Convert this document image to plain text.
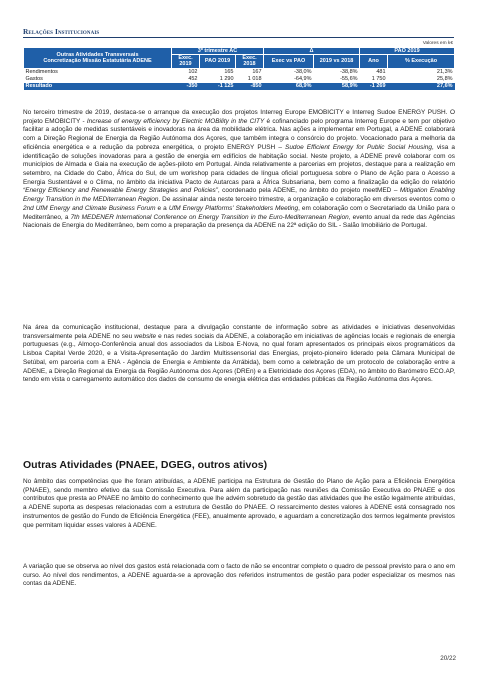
Relações Institucionais
Valores em k€
Outras Atividades Transversais
Concretização Missão Estatutária ADENE	3º trimestre AC			Δ		PAO 2019	
	Exec. 2019	PAO 2019	Exec. 2018	Exec vs PAO	2019 vs 2018	Ano	% Execução
Rendimentos	102	165	167	-38,0%	-38,8%	481	21,3%
Gastos	452	1 290	1 018	-64,9%	-55,6%	1 750	25,8%
Resultado	-350	-1 125	-850	68,9%	58,9%	-1 269	27,6%
No terceiro trimestre de 2019, destaca-se o arranque da execução dos projetos Interreg Europe EMOBICITY e Interreg Sudoe ENERGY PUSH. O projeto EMOBICITY - Increase of energy efficiency by Electric MOBility in the CITY é cofinanciado pelo programa Interreg Europe e tem por objetivo facilitar a adoção de medidas sustentáveis e inovadoras na área da mobilidade elétrica. Nas ações a implementar em Portugal, a ADENE colaborará com a Direção Regional de Energia da Região Autónoma dos Açores, que também integra o consórcio do projeto. Vocacionado para a melhoria da eficiência energética e a redução da pobreza energética, o projeto ENERGY PUSH – Sudoe Efficient Energy for Public Social Housing, visa a identificação de soluções inovadoras para a gestão de energia em edifícios de habitação social. Neste projeto, a ADENE prevê colaborar com os municípios de Almada e Gaia na execução de ações-piloto em Portugal. Ainda relativamente a parcerias em projetos, destaque para a realização em setembro, na Cidade do Cabo, África do Sul, de um workshop para cidades de língua oficial portuguesa sobre o Plano de Ação para o Acesso a Energia Sustentável e o Clima, no âmbito da iniciativa Pacto de Autarcas para a África Subsariana, bem como a finalização da edição do relatório “Energy Efficiency and Renewable Energy Strategies and Policies”, coordenado pela ADENE, no âmbito do projeto meetMED – Mitigation Enabling Energy Transition in the MEDiterranean Region. De assinalar ainda neste terceiro trimestre, a organização e colaboração em diversos eventos como o 2nd UfM Energy and Climate Business Forum e a UfM Energy Platforms' Stakeholders Meeting, em colaboração com o Secretariado da União para o Mediterrâneo, a 7th MEDENER International Conference on Energy Transition in the Euro-Mediterranean Region, evento anual da rede das Agências Nacionais de Energia do Mediterrâneo, bem como a preparação da presença da ADENE na 22ª edição do SIL - Salão Imobiliário de Portugal.
Na área da comunicação institucional, destaque para a divulgação constante de informação sobre as atividades e iniciativas desenvolvidas transversalmente pela ADENE no seu website e nas redes sociais da ADENE, a colaboração em iniciativas de agências locais e regionais de energia portuguesas (e.g., Almoço-Conferência anual dos associados da Lisboa E-Nova, no qual foram apresentados os principais eixos programáticos da Lisboa Capital Verde 2020, e a Visita-Apresentação do Jardim Multissensorial das Energias, projeto-pioneiro liderado pela Câmara Municipal de Setúbal, em parceria com a ENA - Agência de Energia e Ambiente da Arrábida), bem como a celebração de um protocolo de colaboração entre a ADENE, a Direção Regional da Energia da Região Autónoma dos Açores (DREn) e a Eletricidade dos Açores (EDA), no âmbito do Barómetro ECO.AP, tendo em vista o carregamento automático dos dados de consumo de energia elétrica das entidades públicas da Região Autónoma dos Açores.
Outras Atividades (PNAEE, DGEG, outros ativos)
No âmbito das competências que lhe foram atribuídas, a ADENE participa na Estrutura de Gestão do Plano de Ação para a Eficiência Energética (PNAEE), sendo membro efetivo da sua Comissão Executiva. Para além da participação nas reuniões da Comissão Executiva do PNAEE e dos contributos que presta ao PNAEE no âmbito do conhecimento que lhe advém sobretudo da gestão das atividades que lhe estão legalmente atribuídas, a ADENE suporta as despesas relacionadas com a estrutura de Gestão do PNAEE. O ressarcimento destes valores à ADENE está consagrado nos instrumentos de gestão do Fundo de Eficiência Energética (FEE), anualmente aprovado, e aguardam a concretização dos termos legalmente previstos que permitam liquidar esses valores à ADENE.
A variação que se observa ao nível dos gastos está relacionada com o facto de não se encontrar completo o quadro de pessoal previsto para o ano em curso. Ao nível dos rendimentos, a ADENE aguarda-se a aprovação dos referidos instrumentos de gestão para poder especializar os mesmos nas contas da ADENE.
20/22
